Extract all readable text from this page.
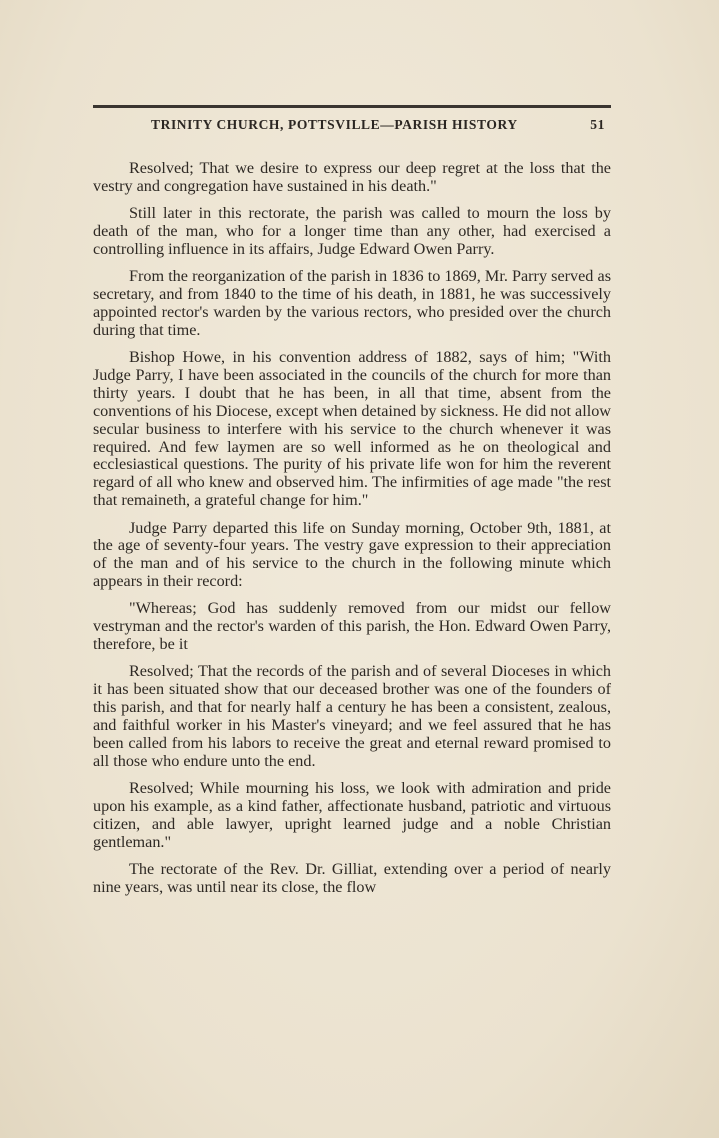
TRINITY CHURCH, POTTSVILLE—PARISH HISTORY	51

Resolved; That we desire to express our deep regret at the loss that the vestry and congregation have sustained in his death."

Still later in this rectorate, the parish was called to mourn the loss by death of the man, who for a longer time than any other, had exercised a controlling influence in its affairs, Judge Edward Owen Parry.

From the reorganization of the parish in 1836 to 1869, Mr. Parry served as secretary, and from 1840 to the time of his death, in 1881, he was successively appointed rector's warden by the various rectors, who presided over the church during that time.

Bishop Howe, in his convention address of 1882, says of him; "With Judge Parry, I have been associated in the councils of the church for more than thirty years. I doubt that he has been, in all that time, absent from the conventions of his Diocese, except when detained by sickness. He did not allow secular business to interfere with his service to the church whenever it was required. And few laymen are so well informed as he on theological and ecclesiastical questions. The purity of his private life won for him the reverent regard of all who knew and observed him. The infirmities of age made "the rest that remaineth, a grateful change for him."

Judge Parry departed this life on Sunday morning, October 9th, 1881, at the age of seventy-four years. The vestry gave expression to their appreciation of the man and of his service to the church in the following minute which appears in their record:

"Whereas; God has suddenly removed from our midst our fellow vestryman and the rector's warden of this parish, the Hon. Edward Owen Parry, therefore, be it

Resolved; That the records of the parish and of several Dioceses in which it has been situated show that our deceased brother was one of the founders of this parish, and that for nearly half a century he has been a consistent, zealous, and faithful worker in his Master's vineyard; and we feel assured that he has been called from his labors to receive the great and eternal reward promised to all those who endure unto the end.

Resolved; While mourning his loss, we look with admiration and pride upon his example, as a kind father, affectionate husband, patriotic and virtuous citizen, and able lawyer, upright learned judge and a noble Christian gentleman."

The rectorate of the Rev. Dr. Gilliat, extending over a period of nearly nine years, was until near its close, the flow
